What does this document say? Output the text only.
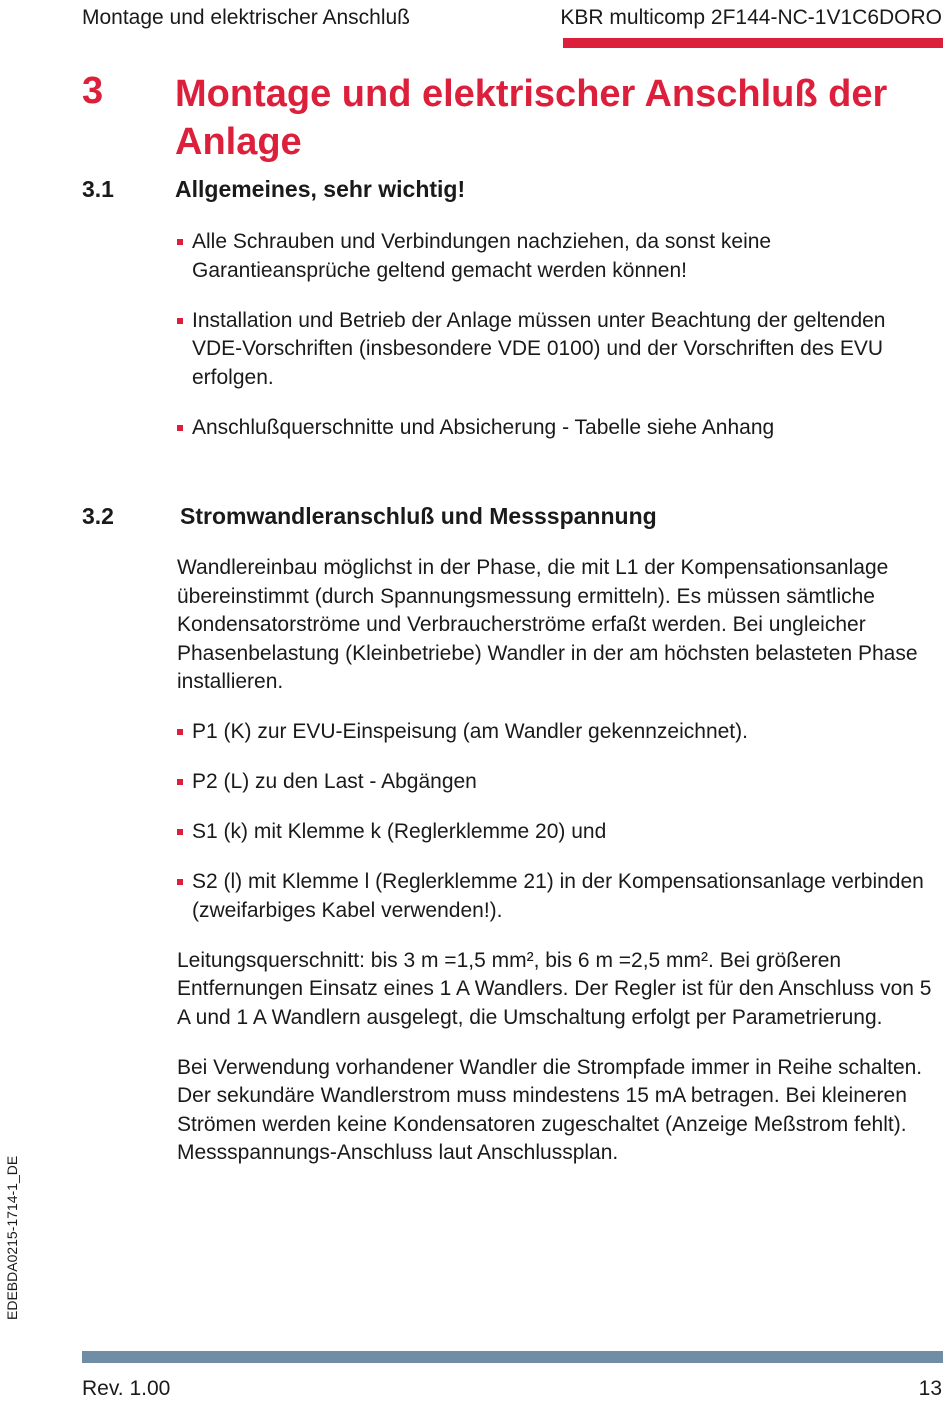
Montage und elektrischer Anschluß	KBR multicomp 2F144-NC-1V1C6DORO
3 Montage und elektrischer Anschluß der Anlage
3.1	Allgemeines, sehr wichtig!
Alle Schrauben und Verbindungen nachziehen, da sonst keine Garantieansprüche geltend gemacht werden können!
Installation und Betrieb der Anlage müssen unter Beachtung der geltenden VDE-Vorschriften (insbesondere VDE 0100) und der Vorschriften des EVU erfolgen.
Anschlußquerschnitte und Absicherung - Tabelle siehe Anhang
3.2	Stromwandleranschluß und Messspannung

Wandlereinbau möglichst in der Phase, die mit L1 der Kompensationsanlage übereinstimmt (durch Spannungsmessung ermitteln). Es müssen sämtliche Kondensatorströme und Verbraucherströme erfaßt werden. Bei ungleicher Phasenbelastung (Kleinbetriebe) Wandler in der am höchsten belasteten Phase installieren.

P1 (K) zur EVU-Einspeisung (am Wandler gekennzeichnet).
P2 (L) zu den Last - Abgängen
S1 (k) mit Klemme k (Reglerklemme 20) und
S2 (l) mit Klemme l (Reglerklemme 21) in der Kompensationsanlage verbinden (zweifarbiges Kabel verwenden!).

Leitungsquerschnitt: bis 3 m =1,5 mm², bis 6 m =2,5 mm². Bei größeren Entfernungen Einsatz eines 1 A Wandlers. Der Regler ist für den Anschluss von 5 A und 1 A Wandlern ausgelegt, die Umschaltung erfolgt per Parametrierung.

Bei Verwendung vorhandener Wandler die Strompfade immer in Reihe schalten. Der sekundäre Wandlerstrom muss mindestens 15 mA betragen. Bei kleineren Strömen werden keine Kondensatoren zugeschaltet (Anzeige Meßstrom fehlt). Messspannungs-Anschluss laut Anschlussplan.

EDEBDA0215-1714-1_DE
Rev. 1.00	13
